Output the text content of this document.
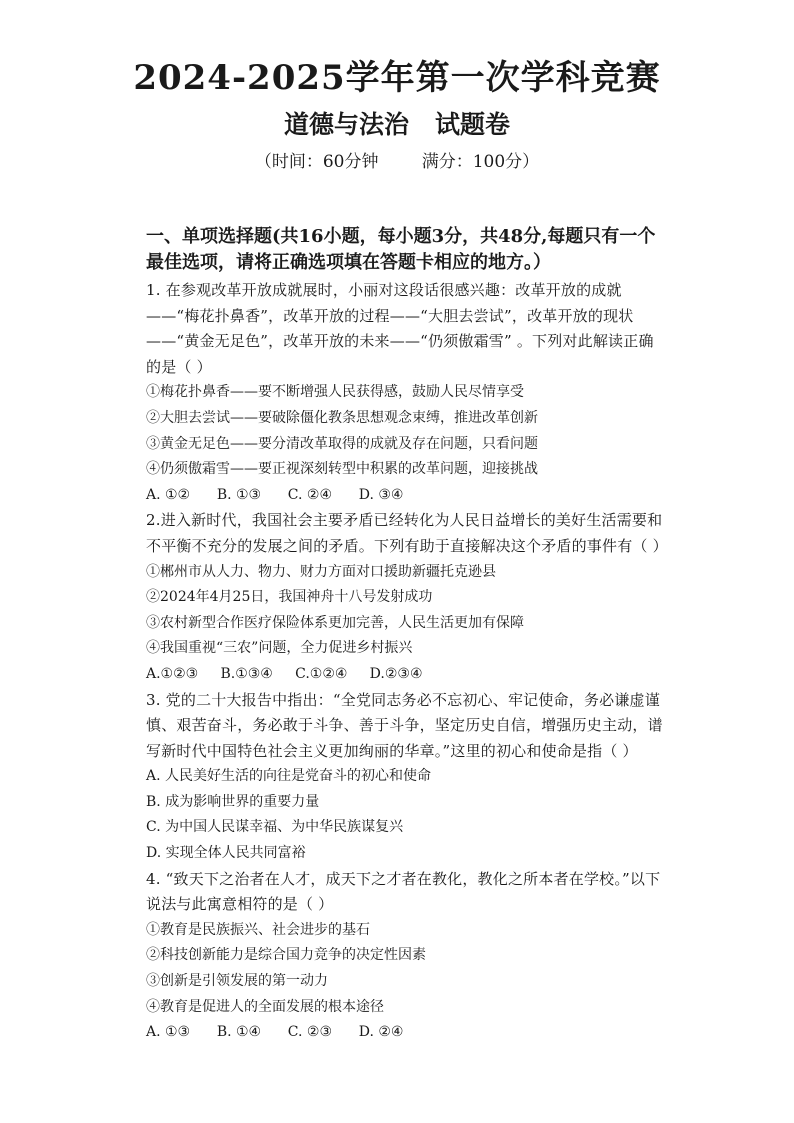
2024-2025学年第一次学科竞赛
道德与法治   试题卷
（时间：60分钟        满分：100分）
一、单项选择题(共16小题，每小题3分，共48分,每题只有一个最佳选项，请将正确选项填在答题卡相应的地方。）
1. 在参观改革开放成就展时，小丽对这段话很感兴趣：改革开放的成就——“梅花扑鼻香”，改革开放的过程——“大胆去尝试”，改革开放的现状——“黄金无足色”，改革开放的未来——“仍须傲霜雪” 。下列对此解读正确的是（ ）
①梅花扑鼻香——要不断增强人民获得感，鼓励人民尽情享受
②大胆去尝试——要破除僵化教条思想观念束缚，推进改革创新
③黄金无足色——要分清改革取得的成就及存在问题，只看问题
④仍须傲霜雪——要正视深刻转型中积累的改革问题，迎接挑战
A. ①②      B. ①③      C. ②④      D. ③④
2.进入新时代，我国社会主要矛盾已经转化为人民日益增长的美好生活需要和不平衡不充分的发展之间的矛盾。下列有助于直接解决这个矛盾的事件有（ ）
①郴州市从人力、物力、财力方面对口援助新疆托克逊县
②2024年4月25日，我国神舟十八号发射成功
③农村新型合作医疗保险体系更加完善，人民生活更加有保障
④我国重视“三农”问题，全力促进乡村振兴
A.①②③     B.①③④     C.①②④     D.②③④
3. 党的二十大报告中指出：“全党同志务必不忘初心、牢记使命，务必谦虚谨慎、艰苦奋斗，务必敢于斗争、善于斗争，坚定历史自信，增强历史主动，谱写新时代中国特色社会主义更加绚丽的华章。”这里的初心和使命是指（ ）
A. 人民美好生活的向往是党奋斗的初心和使命
B. 成为影响世界的重要力量
C. 为中国人民谋幸福、为中华民族谋复兴
D. 实现全体人民共同富裕
4. “致天下之治者在人才，成天下之才者在教化，教化之所本者在学校。”以下说法与此寓意相符的是（ ）
①教育是民族振兴、社会进步的基石
②科技创新能力是综合国力竞争的决定性因素
③创新是引领发展的第一动力
④教育是促进人的全面发展的根本途径
A. ①③      B. ①④      C. ②③      D. ②④
